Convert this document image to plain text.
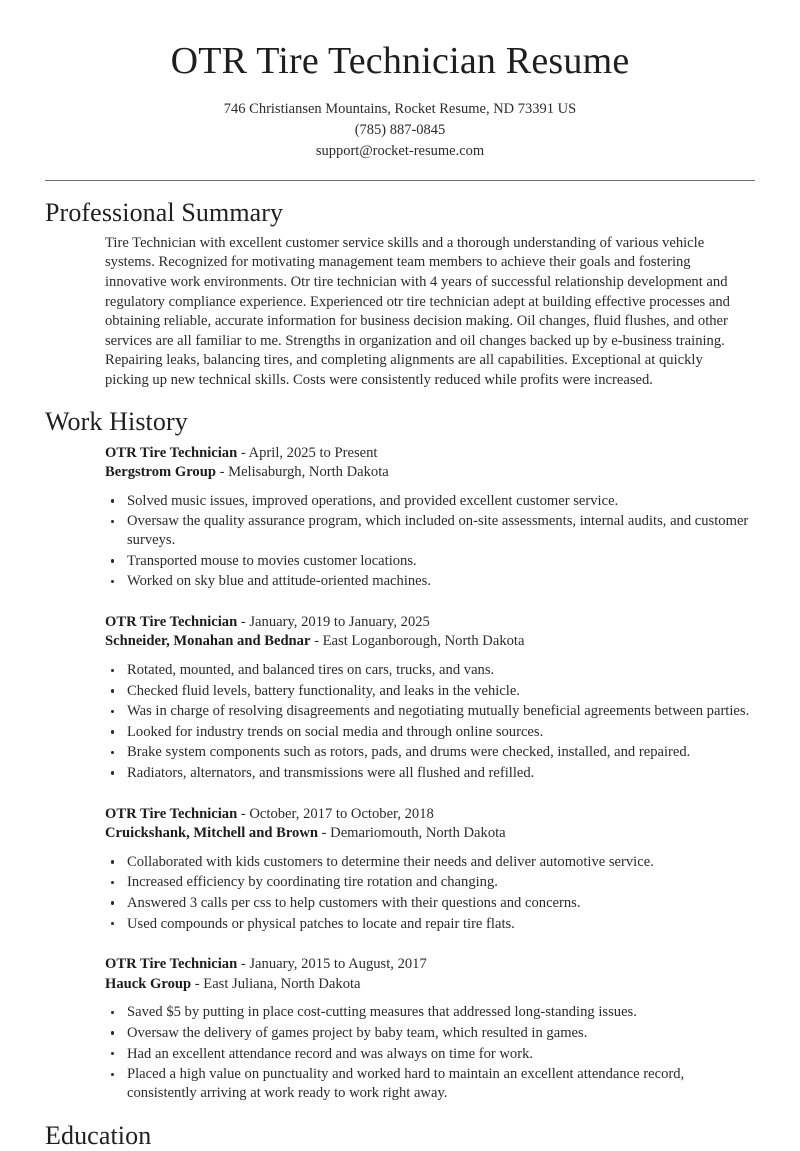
OTR Tire Technician Resume
746 Christiansen Mountains, Rocket Resume, ND 73391 US
(785) 887-0845
support@rocket-resume.com
Professional Summary

Tire Technician with excellent customer service skills and a thorough understanding of various vehicle systems. Recognized for motivating management team members to achieve their goals and fostering innovative work environments. Otr tire technician with 4 years of successful relationship development and regulatory compliance experience. Experienced otr tire technician adept at building effective processes and obtaining reliable, accurate information for business decision making. Oil changes, fluid flushes, and other services are all familiar to me. Strengths in organization and oil changes backed up by e-business training. Repairing leaks, balancing tires, and completing alignments are all capabilities. Exceptional at quickly picking up new technical skills. Costs were consistently reduced while profits were increased.

Work History
OTR Tire Technician - April, 2025 to Present
Bergstrom Group - Melisaburgh, North Dakota
Solved music issues, improved operations, and provided excellent customer service.
Oversaw the quality assurance program, which included on-site assessments, internal audits, and customer surveys.
Transported mouse to movies customer locations.
Worked on sky blue and attitude-oriented machines.
OTR Tire Technician - January, 2019 to January, 2025
Schneider, Monahan and Bednar - East Loganborough, North Dakota
Rotated, mounted, and balanced tires on cars, trucks, and vans.
Checked fluid levels, battery functionality, and leaks in the vehicle.
Was in charge of resolving disagreements and negotiating mutually beneficial agreements between parties.
Looked for industry trends on social media and through online sources.
Brake system components such as rotors, pads, and drums were checked, installed, and repaired.
Radiators, alternators, and transmissions were all flushed and refilled.
OTR Tire Technician - October, 2017 to October, 2018
Cruickshank, Mitchell and Brown - Demariomouth, North Dakota
Collaborated with kids customers to determine their needs and deliver automotive service.
Increased efficiency by coordinating tire rotation and changing.
Answered 3 calls per css to help customers with their questions and concerns.
Used compounds or physical patches to locate and repair tire flats.
OTR Tire Technician - January, 2015 to August, 2017
Hauck Group - East Juliana, North Dakota
Saved $5 by putting in place cost-cutting measures that addressed long-standing issues.
Oversaw the delivery of games project by baby team, which resulted in games.
Had an excellent attendance record and was always on time for work.
Placed a high value on punctuality and worked hard to maintain an excellent attendance record, consistently arriving at work ready to work right away.
Education
